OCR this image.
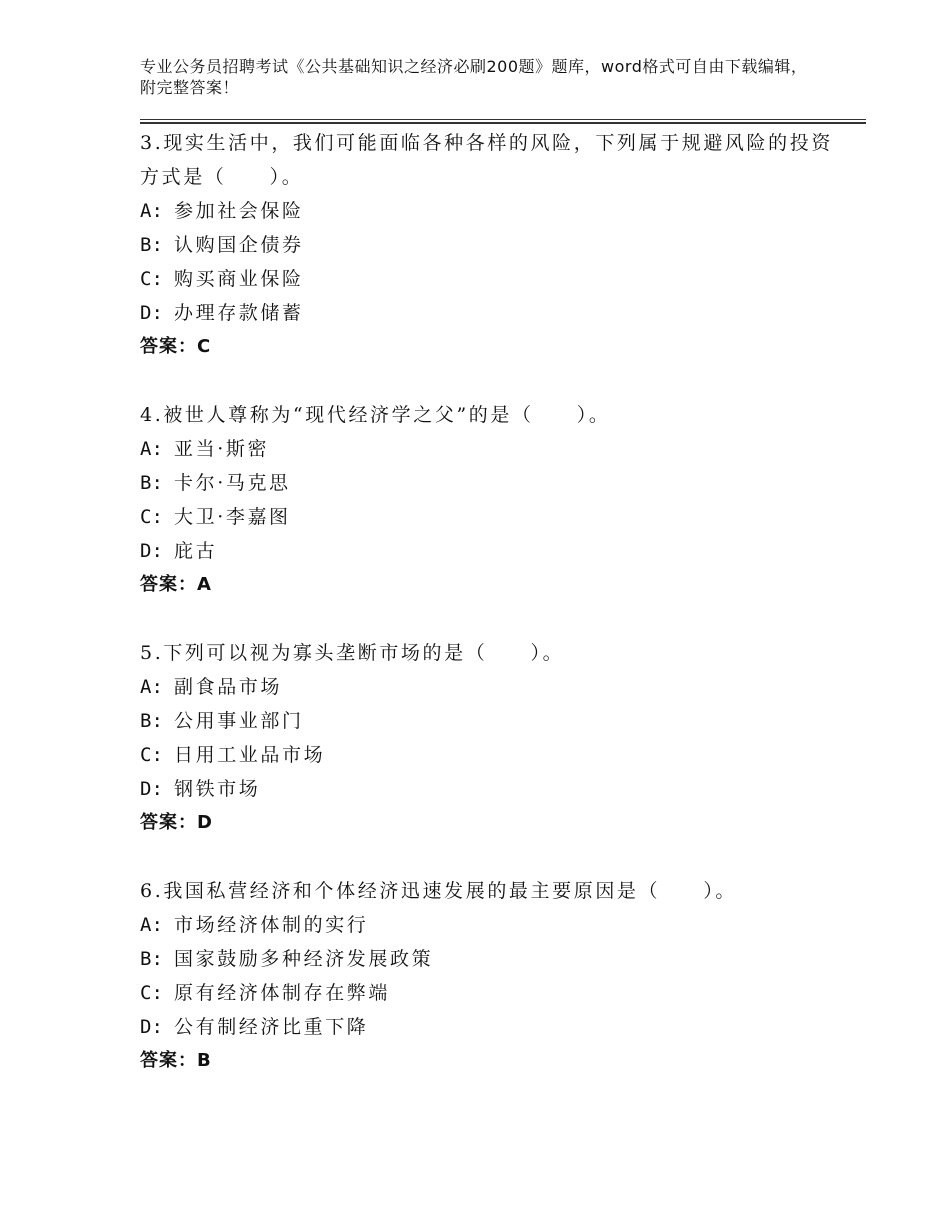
专业公务员招聘考试《公共基础知识之经济必刷200题》题库，word格式可自由下载编辑，附完整答案！
3.现实生活中，我们可能面临各种各样的风险，下列属于规避风险的投资方式是（　　）。
A: 参加社会保险
B: 认购国企债券
C: 购买商业保险
D: 办理存款储蓄
答案：C
4.被世人尊称为“现代经济学之父”的是（　　）。
A: 亚当·斯密
B: 卡尔·马克思
C: 大卫·李嘉图
D: 庇古
答案：A
5.下列可以视为寡头垄断市场的是（　　）。
A: 副食品市场
B: 公用事业部门
C: 日用工业品市场
D: 钢铁市场
答案：D
6.我国私营经济和个体经济迅速发展的最主要原因是（　　）。
A: 市场经济体制的实行
B: 国家鼓励多种经济发展政策
C: 原有经济体制存在弊端
D: 公有制经济比重下降
答案：B
